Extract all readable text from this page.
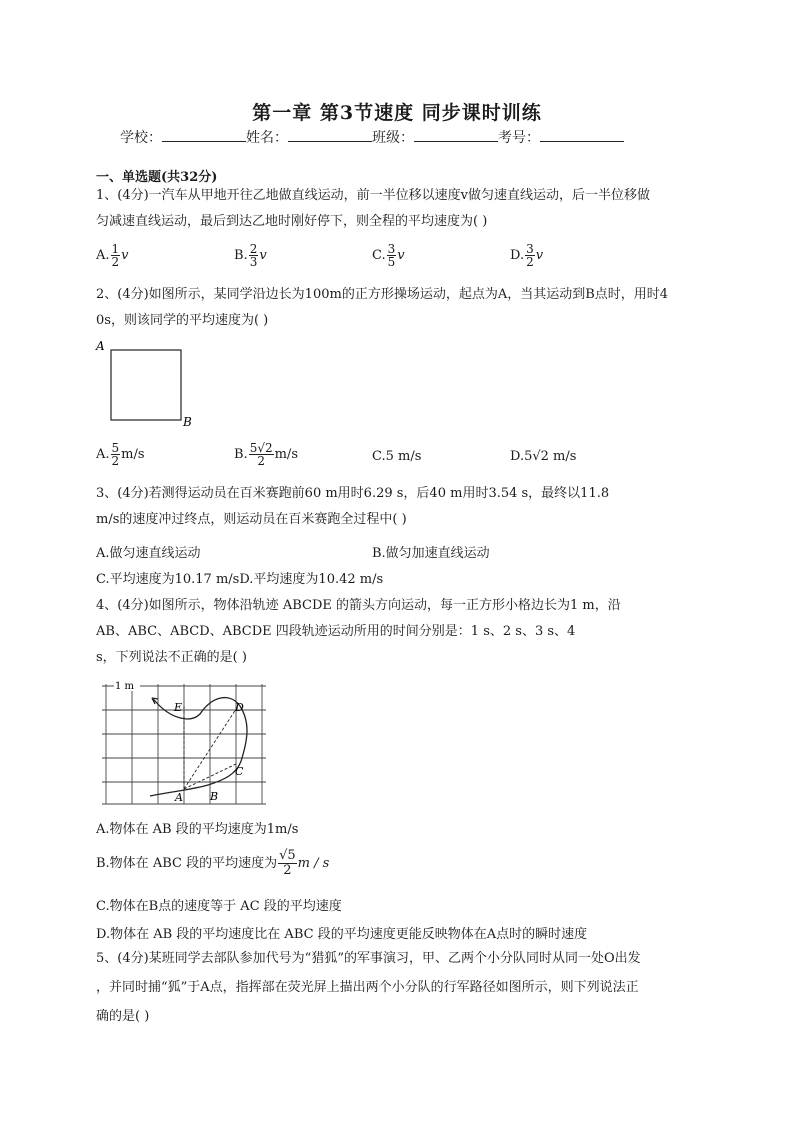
第一章 第3节速度 同步课时训练
学校：	姓名：	班级：	考号：
一、单选题(共32分)
1、(4分)一汽车从甲地开往乙地做直线运动，前一半位移以速度v做匀速直线运动，后一半位移做
匀减速直线运动，最后到达乙地时刚好停下，则全程的平均速度为( )
A. $\frac{1}{2}$ v	B. $\frac{2}{3}$ v	C. $\frac{3}{5}$ v	D. $\frac{3}{2}$ v
2、(4分)如图所示，某同学沿边长为100m的正方形操场运动，起点为A，当其运动到B点时，用时4
0s，则该同学的平均速度为( )
A
B
A. $\frac{5}{2} m/s$	B. $\frac{5√2}{2} m/s$	C.5 m/s	D.5√2 m/s
3、(4分)若测得运动员在百米赛跑前60 m用时6.29 s，后40 m用时3.54 s，最终以11.8
m/s的速度冲过终点，则运动员在百米赛跑全过程中( )
A.做匀速直线运动	B.做匀加速直线运动
C.平均速度为10.17 m/sD.平均速度为10.42 m/s
4、(4分)如图所示，物体沿轨迹 ABCDE 的箭头方向运动，每一正方形小格边长为1 m，沿
AB、ABC、ABCD、ABCDE 四段轨迹运动所用的时间分别是：1 s、2 s、3 s、4
s，下列说法不正确的是( )
1 m
A B
C
D
E
A.物体在 AB 段的平均速度为1m/s
B.物体在 ABC 段的平均速度为 $\frac{√5}{2}$ m / s
C.物体在B点的速度等于 AC 段的平均速度
D.物体在 AB 段的平均速度比在 ABC 段的平均速度更能反映物体在A点时的瞬时速度
5、(4分)某班同学去部队参加代号为“猎狐”的军事演习，甲、乙两个小分队同时从同一处O出发
，并同时捕“狐”于A点，指挥部在荧光屏上描出两个小分队的行军路径如图所示，则下列说法正
确的是( )
